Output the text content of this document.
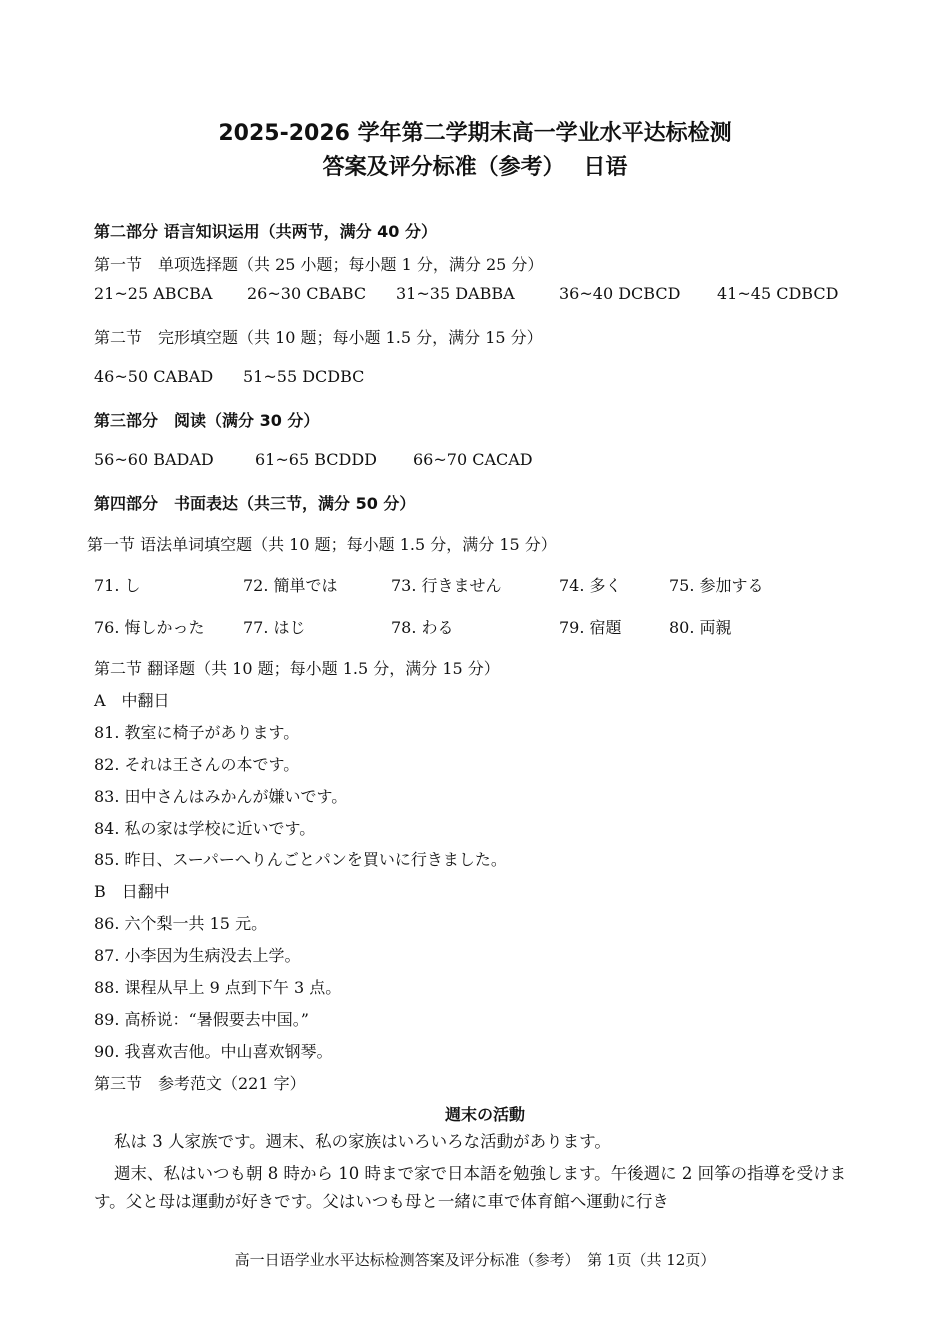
2025-2026 学年第二学期末高一学业水平达标检测
答案及评分标准（参考）　 日语
第二部分 语言知识运用（共两节，满分 40 分）
第一节　单项选择题（共 25 小题；每小题 1 分，满分 25 分）
21~25 ABCBA 26~30 CBABC 31~35 DABBA	36~40 DCBCD 41~45 CDBCD
第二节　完形填空题（共 10 题；每小题 1.5 分，满分 15 分）
46~50 CABAD 51~55 DCDBC
第三部分　阅读（满分 30 分）
56~60 BADAD	61~65 BCDDD 66~70 CACAD
第四部分　书面表达（共三节，满分 50 分）
第一节 语法单词填空题（共 10 题；每小题 1.5 分，满分 15 分）
71. し	72. 簡単では	73. 行きません	74. 多く	75. 参加する
76. 悔しかった 77. はじ	78. わる	79. 宿題	80. 両親
第二节 翻译题（共 10 题；每小题 1.5 分，满分 15 分）
A　中翻日
81. 教室に椅子があります。
82. それは王さんの本です。
83. 田中さんはみかんが嫌いです。
84. 私の家は学校に近いです。
85. 昨日、スーパーへりんごとパンを買いに行きました。
B　日翻中
86. 六个梨一共 15 元。
87. 小李因为生病没去上学。
88. 课程从早上 9 点到下午 3 点。
89. 高桥说：“暑假要去中国。”
90. 我喜欢吉他。中山喜欢钢琴。
第三节　参考范文（221 字）
週末の活動
私は 3 人家族です。週末、私の家族はいろいろな活動があります。
週末、私はいつも朝 8 時から 10 時まで家で日本語を勉強します。午後週に 2 回筝の指導を受けます。父と母は運動が好きです。父はいつも母と一緒に車で体育館へ運動に行き
高一日语学业水平达标检测答案及评分标准（参考）　第 1页（共 12页）
